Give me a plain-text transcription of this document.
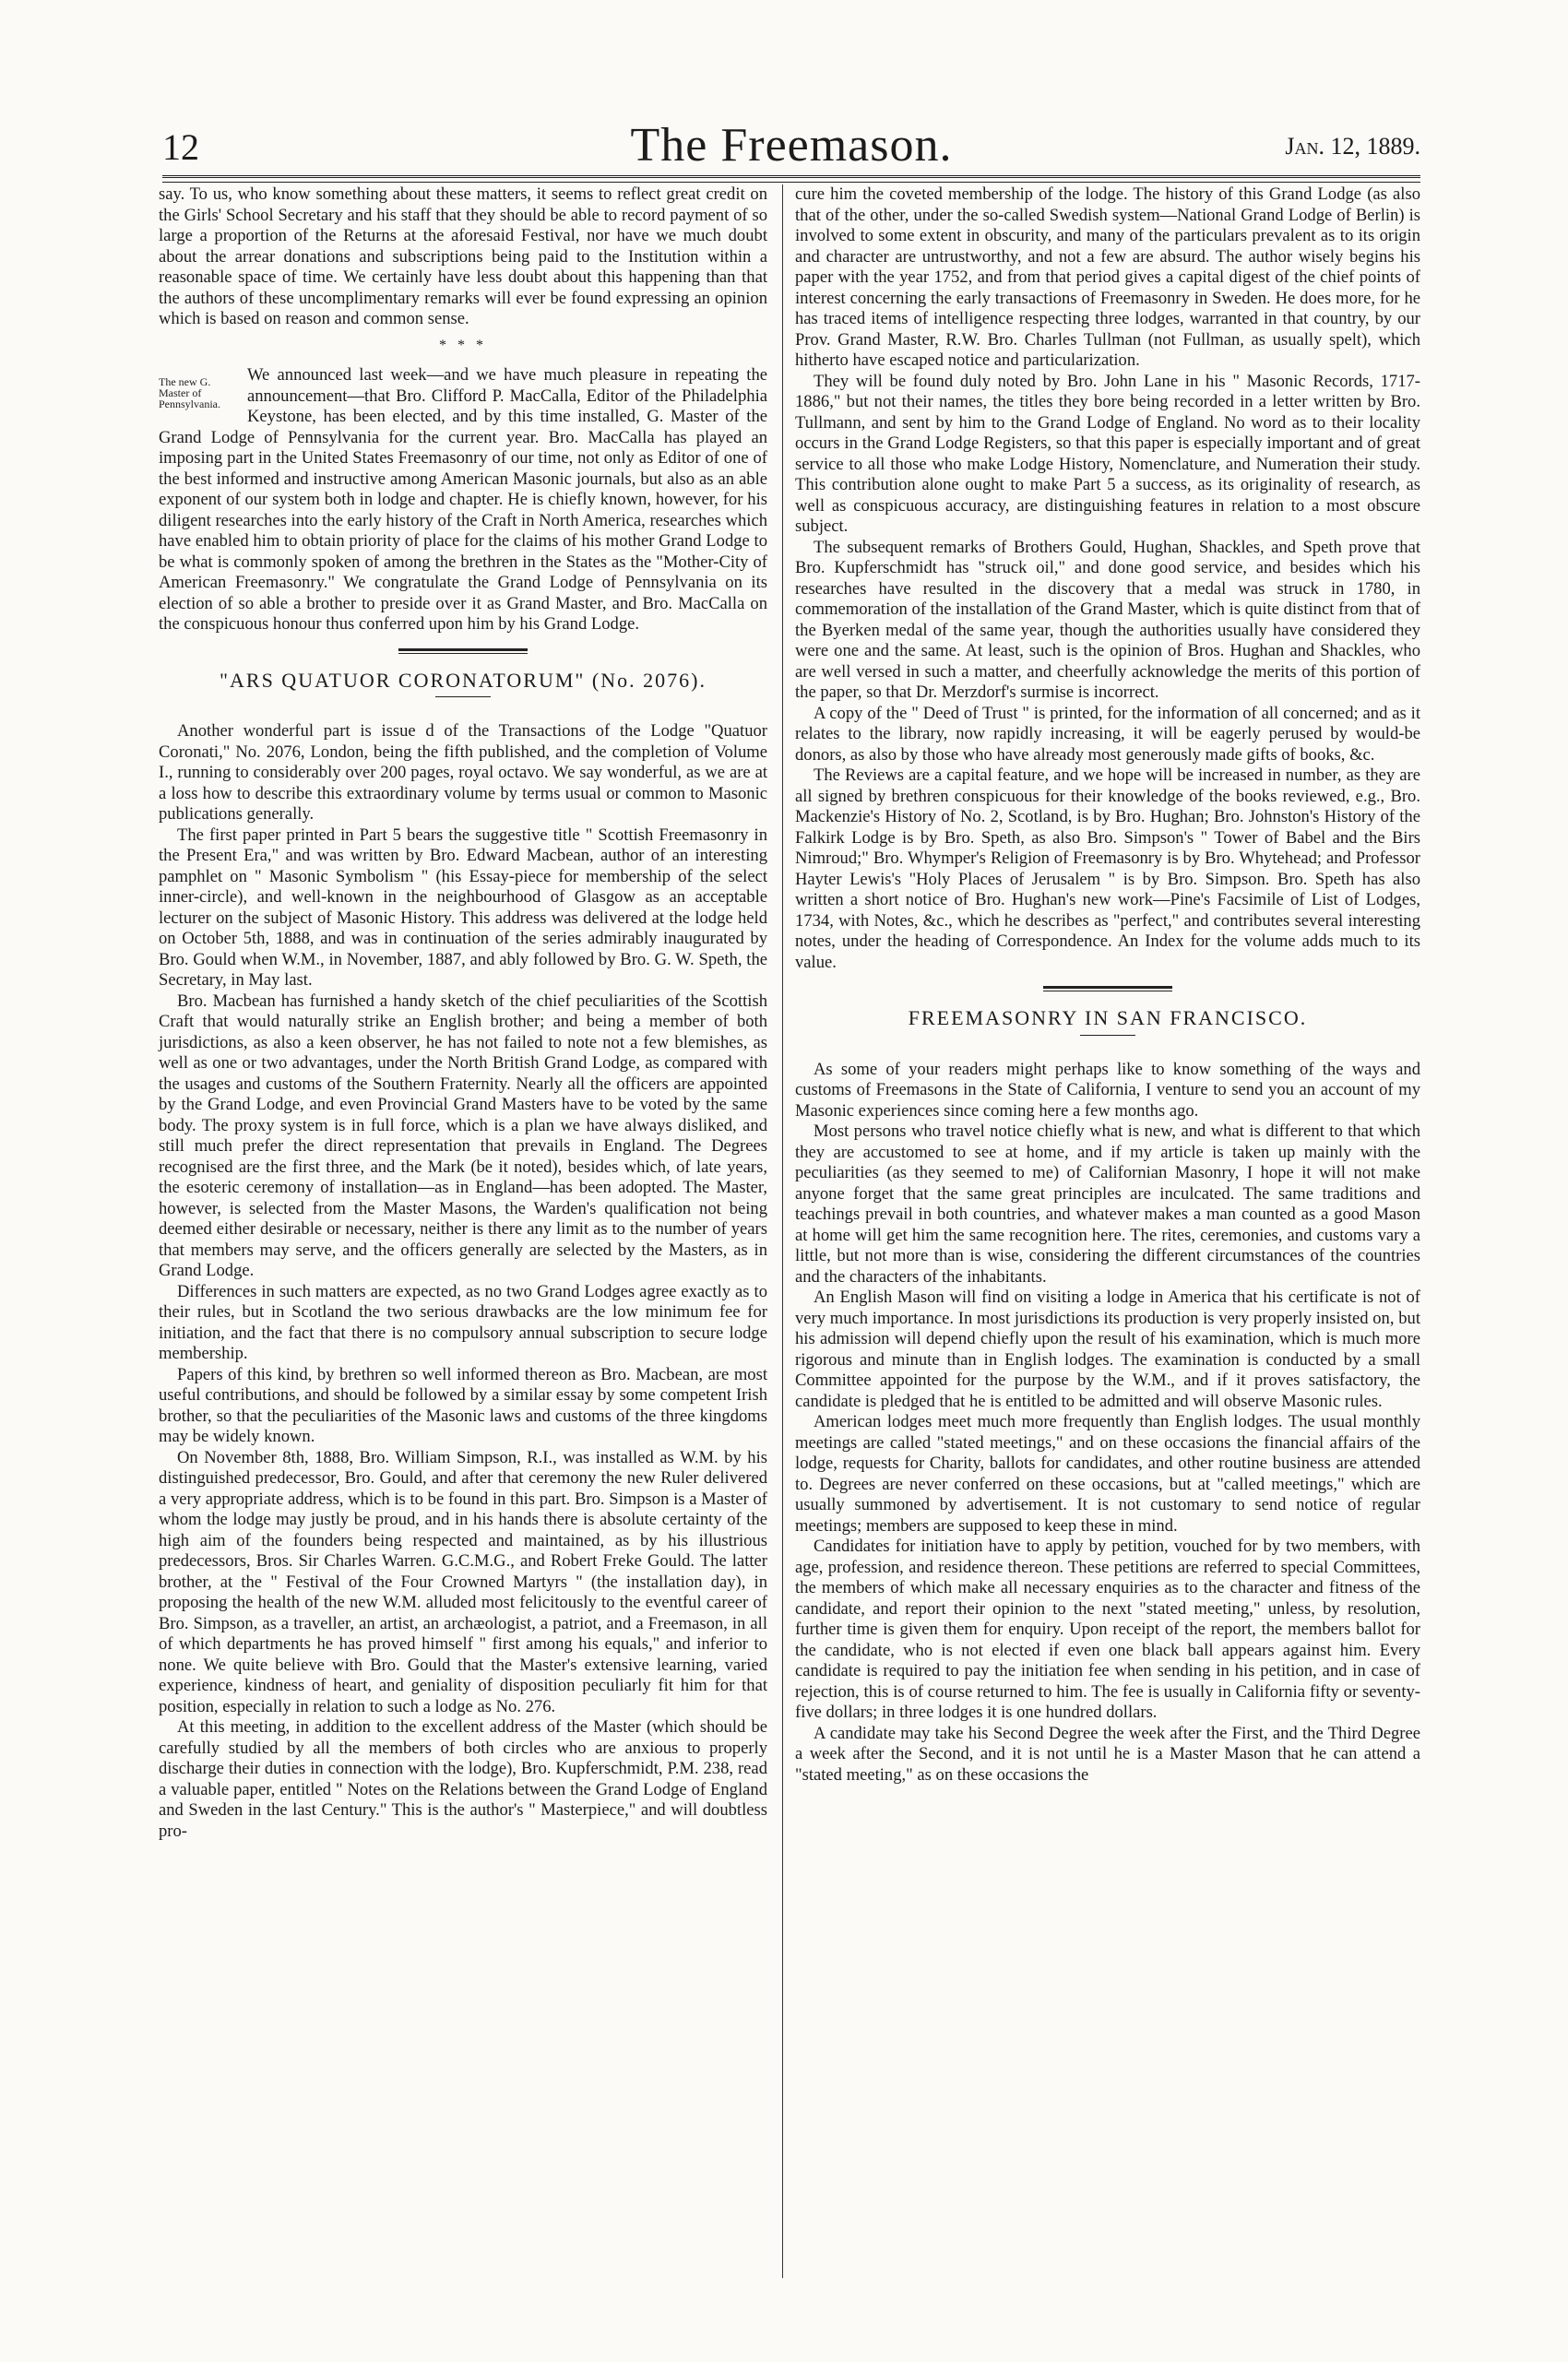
12	The Freemason.	Jan. 12, 1889.

say. To us, who know something about these matters, it seems to reflect great credit on the Girls' School Secretary and his staff that they should be able to record payment of so large a proportion of the Returns at the aforesaid Festival, nor have we much doubt about the arrear donations and subscriptions being paid to the Institution within a reasonable space of time. We certainly have less doubt about this happening than that the authors of these uncomplimentary remarks will ever be found expressing an opinion which is based on reason and common sense.

* * *
The new G. Master of Pennsylvania.

We announced last week—and we have much pleasure in repeating the announcement—that Bro. Clifford P. MacCalla, Editor of the Philadelphia Keystone, has been elected, and by this time installed, G. Master of the Grand Lodge of Pennsylvania for the current year. Bro. MacCalla has played an imposing part in the United States Freemasonry of our time, not only as Editor of one of the best informed and instructive among American Masonic journals, but also as an able exponent of our system both in lodge and chapter. He is chiefly known, however, for his diligent researches into the early history of the Craft in North America, researches which have enabled him to obtain priority of place for the claims of his mother Grand Lodge to be what is commonly spoken of among the brethren in the States as the "Mother-City of American Freemasonry." We congratulate the Grand Lodge of Pennsylvania on its election of so able a brother to preside over it as Grand Master, and Bro. MacCalla on the conspicuous honour thus conferred upon him by his Grand Lodge.

"ARS QUATUOR CORONATORUM" (No. 2076).

Another wonderful part is issue d of the Transactions of the Lodge "Quatuor Coronati," No. 2076, London, being the fifth published, and the completion of Volume I., running to considerably over 200 pages, royal octavo. We say wonderful, as we are at a loss how to describe this extraordinary volume by terms usual or common to Masonic publications generally.

The first paper printed in Part 5 bears the suggestive title " Scottish Freemasonry in the Present Era," and was written by Bro. Edward Macbean, author of an interesting pamphlet on " Masonic Symbolism " (his Essay-piece for membership of the select inner-circle), and well-known in the neighbourhood of Glasgow as an acceptable lecturer on the subject of Masonic History. This address was delivered at the lodge held on October 5th, 1888, and was in continuation of the series admirably inaugurated by Bro. Gould when W.M., in November, 1887, and ably followed by Bro. G. W. Speth, the Secretary, in May last.

Bro. Macbean has furnished a handy sketch of the chief peculiarities of the Scottish Craft that would naturally strike an English brother; and being a member of both jurisdictions, as also a keen observer, he has not failed to note not a few blemishes, as well as one or two advantages, under the North British Grand Lodge, as compared with the usages and customs of the Southern Fraternity. Nearly all the officers are appointed by the Grand Lodge, and even Provincial Grand Masters have to be voted by the same body. The proxy system is in full force, which is a plan we have always disliked, and still much prefer the direct representation that prevails in England. The Degrees recognised are the first three, and the Mark (be it noted), besides which, of late years, the esoteric ceremony of installation—as in England—has been adopted. The Master, however, is selected from the Master Masons, the Warden's qualification not being deemed either desirable or necessary, neither is there any limit as to the number of years that members may serve, and the officers generally are selected by the Masters, as in Grand Lodge.

Differences in such matters are expected, as no two Grand Lodges agree exactly as to their rules, but in Scotland the two serious drawbacks are the low minimum fee for initiation, and the fact that there is no compulsory annual subscription to secure lodge membership.

Papers of this kind, by brethren so well informed thereon as Bro. Macbean, are most useful contributions, and should be followed by a similar essay by some competent Irish brother, so that the peculiarities of the Masonic laws and customs of the three kingdoms may be widely known.

On November 8th, 1888, Bro. William Simpson, R.I., was installed as W.M. by his distinguished predecessor, Bro. Gould, and after that ceremony the new Ruler delivered a very appropriate address, which is to be found in this part. Bro. Simpson is a Master of whom the lodge may justly be proud, and in his hands there is absolute certainty of the high aim of the founders being respected and maintained, as by his illustrious predecessors, Bros. Sir Charles Warren. G.C.M.G., and Robert Freke Gould. The latter brother, at the " Festival of the Four Crowned Martyrs " (the installation day), in proposing the health of the new W.M. alluded most felicitously to the eventful career of Bro. Simpson, as a traveller, an artist, an archæologist, a patriot, and a Freemason, in all of which departments he has proved himself " first among his equals," and inferior to none. We quite believe with Bro. Gould that the Master's extensive learning, varied experience, kindness of heart, and geniality of disposition peculiarly fit him for that position, especially in relation to such a lodge as No. 276.

At this meeting, in addition to the excellent address of the Master (which should be carefully studied by all the members of both circles who are anxious to properly discharge their duties in connection with the lodge), Bro. Kupferschmidt, P.M. 238, read a valuable paper, entitled " Notes on the Relations between the Grand Lodge of England and Sweden in the last Century." This is the author's " Masterpiece," and will doubtless pro-

cure him the coveted membership of the lodge. The history of this Grand Lodge (as also that of the other, under the so-called Swedish system—National Grand Lodge of Berlin) is involved to some extent in obscurity, and many of the particulars prevalent as to its origin and character are untrustworthy, and not a few are absurd. The author wisely begins his paper with the year 1752, and from that period gives a capital digest of the chief points of interest concerning the early transactions of Freemasonry in Sweden. He does more, for he has traced items of intelligence respecting three lodges, warranted in that country, by our Prov. Grand Master, R.W. Bro. Charles Tullman (not Fullman, as usually spelt), which hitherto have escaped notice and particularization.

They will be found duly noted by Bro. John Lane in his " Masonic Records, 1717-1886," but not their names, the titles they bore being recorded in a letter written by Bro. Tullmann, and sent by him to the Grand Lodge of England. No word as to their locality occurs in the Grand Lodge Registers, so that this paper is especially important and of great service to all those who make Lodge History, Nomenclature, and Numeration their study. This contribution alone ought to make Part 5 a success, as its originality of research, as well as conspicuous accuracy, are distinguishing features in relation to a most obscure subject.

The subsequent remarks of Brothers Gould, Hughan, Shackles, and Speth prove that Bro. Kupferschmidt has "struck oil," and done good service, and besides which his researches have resulted in the discovery that a medal was struck in 1780, in commemoration of the installation of the Grand Master, which is quite distinct from that of the Byerken medal of the same year, though the authorities usually have considered they were one and the same. At least, such is the opinion of Bros. Hughan and Shackles, who are well versed in such a matter, and cheerfully acknowledge the merits of this portion of the paper, so that Dr. Merzdorf's surmise is incorrect.

A copy of the " Deed of Trust " is printed, for the information of all concerned; and as it relates to the library, now rapidly increasing, it will be eagerly perused by would-be donors, as also by those who have already most generously made gifts of books, &c.

The Reviews are a capital feature, and we hope will be increased in number, as they are all signed by brethren conspicuous for their knowledge of the books reviewed, e.g., Bro. Mackenzie's History of No. 2, Scotland, is by Bro. Hughan; Bro. Johnston's History of the Falkirk Lodge is by Bro. Speth, as also Bro. Simpson's " Tower of Babel and the Birs Nimroud;" Bro. Whymper's Religion of Freemasonry is by Bro. Whytehead; and Professor Hayter Lewis's "Holy Places of Jerusalem " is by Bro. Simpson. Bro. Speth has also written a short notice of Bro. Hughan's new work—Pine's Facsimile of List of Lodges, 1734, with Notes, &c., which he describes as "perfect," and contributes several interesting notes, under the heading of Correspondence. An Index for the volume adds much to its value.

FREEMASONRY IN SAN FRANCISCO.

As some of your readers might perhaps like to know something of the ways and customs of Freemasons in the State of California, I venture to send you an account of my Masonic experiences since coming here a few months ago.

Most persons who travel notice chiefly what is new, and what is different to that which they are accustomed to see at home, and if my article is taken up mainly with the peculiarities (as they seemed to me) of Californian Masonry, I hope it will not make anyone forget that the same great principles are inculcated. The same traditions and teachings prevail in both countries, and whatever makes a man counted as a good Mason at home will get him the same recognition here. The rites, ceremonies, and customs vary a little, but not more than is wise, considering the different circumstances of the countries and the characters of the inhabitants.

An English Mason will find on visiting a lodge in America that his certificate is not of very much importance. In most jurisdictions its production is very properly insisted on, but his admission will depend chiefly upon the result of his examination, which is much more rigorous and minute than in English lodges. The examination is conducted by a small Committee appointed for the purpose by the W.M., and if it proves satisfactory, the candidate is pledged that he is entitled to be admitted and will observe Masonic rules.

American lodges meet much more frequently than English lodges. The usual monthly meetings are called "stated meetings," and on these occasions the financial affairs of the lodge, requests for Charity, ballots for candidates, and other routine business are attended to. Degrees are never conferred on these occasions, but at "called meetings," which are usually summoned by advertisement. It is not customary to send notice of regular meetings; members are supposed to keep these in mind.

Candidates for initiation have to apply by petition, vouched for by two members, with age, profession, and residence thereon. These petitions are referred to special Committees, the members of which make all necessary enquiries as to the character and fitness of the candidate, and report their opinion to the next "stated meeting," unless, by resolution, further time is given them for enquiry. Upon receipt of the report, the members ballot for the candidate, who is not elected if even one black ball appears against him. Every candidate is required to pay the initiation fee when sending in his petition, and in case of rejection, this is of course returned to him. The fee is usually in California fifty or seventy-five dollars; in three lodges it is one hundred dollars.

A candidate may take his Second Degree the week after the First, and the Third Degree a week after the Second, and it is not until he is a Master Mason that he can attend a "stated meeting," as on these occasions the
